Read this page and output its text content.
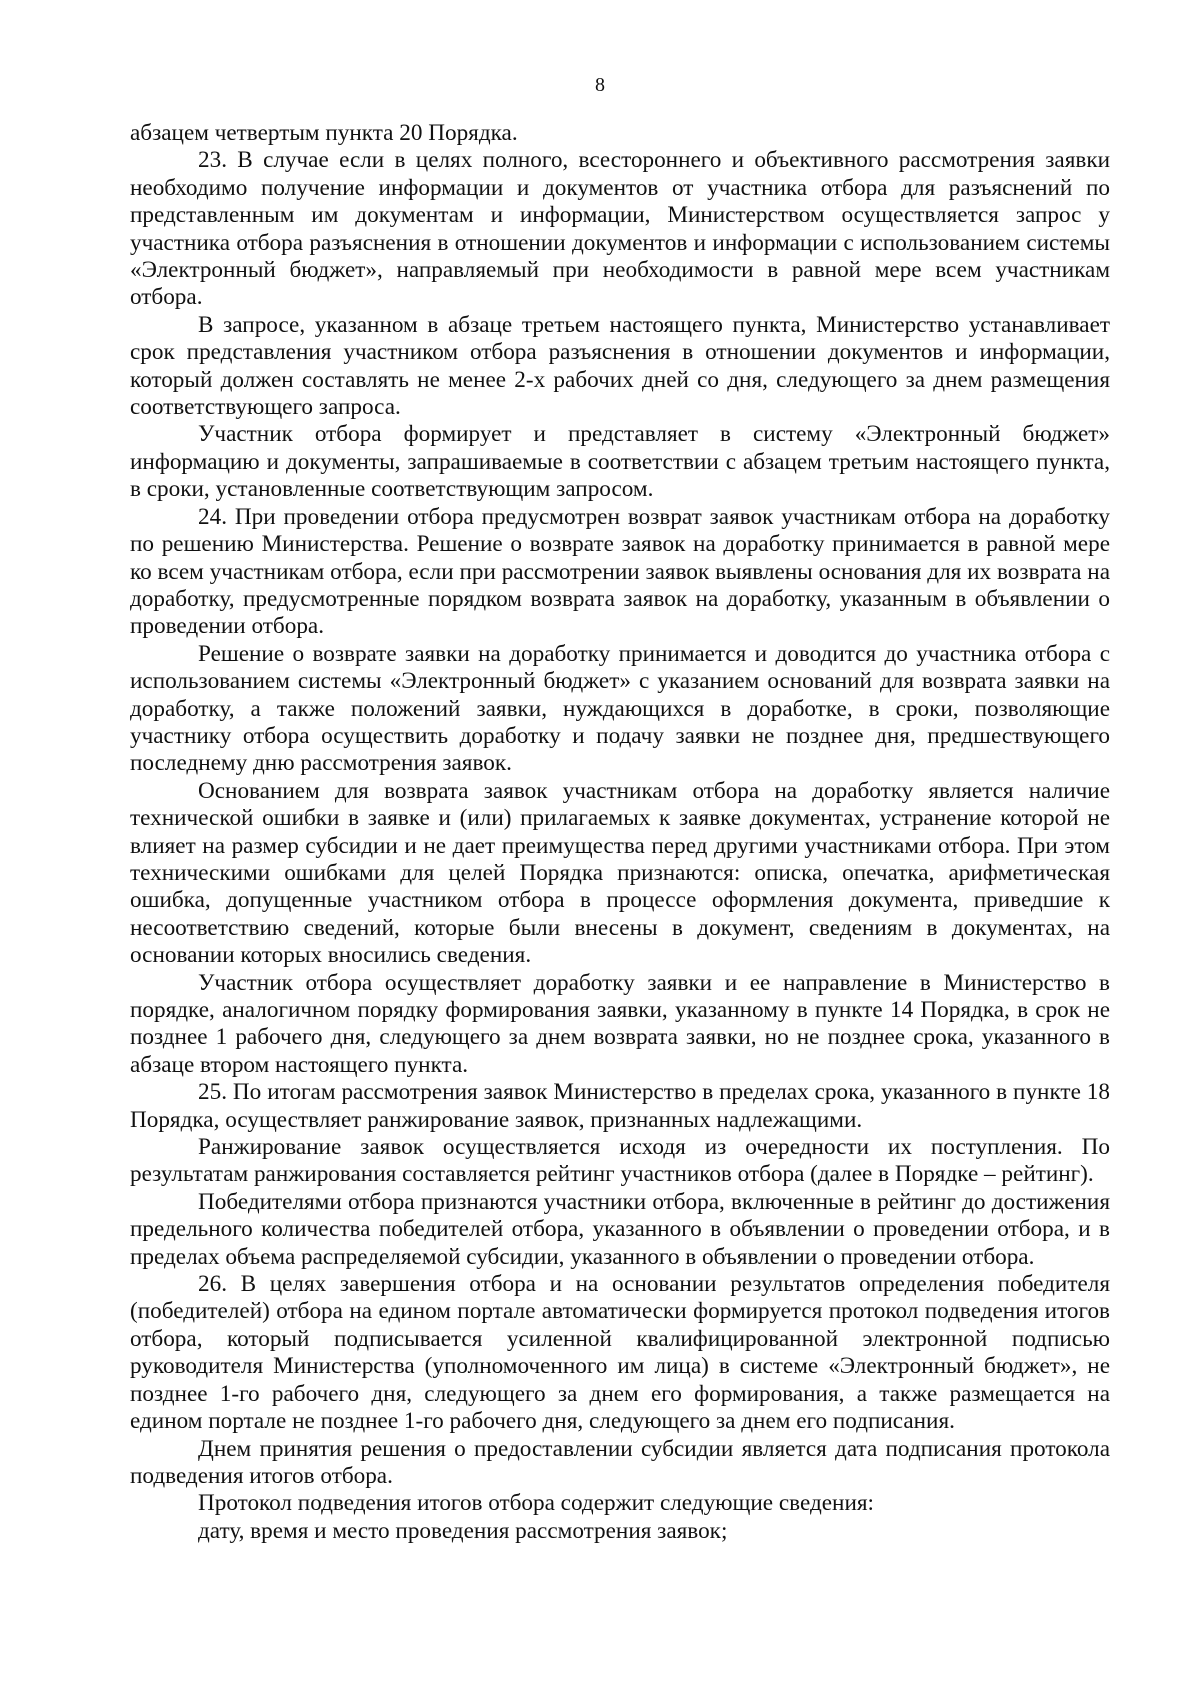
8

абзацем четвертым пункта 20 Порядка.

23. В случае если в целях полного, всестороннего и объективного рассмотрения заявки необходимо получение информации и документов от участника отбора для разъяснений по представленным им документам и информации, Министерством осуществляется запрос у участника отбора разъяснения в отношении документов и информации с использованием системы «Электронный бюджет», направляемый при необходимости в равной мере всем участникам отбора.

В запросе, указанном в абзаце третьем настоящего пункта, Министерство устанавливает срок представления участником отбора разъяснения в отношении документов и информации, который должен составлять не менее 2-х рабочих дней со дня, следующего за днем размещения соответствующего запроса.

Участник отбора формирует и представляет в систему «Электронный бюджет» информацию и документы, запрашиваемые в соответствии с абзацем третьим настоящего пункта, в сроки, установленные соответствующим запросом.

24. При проведении отбора предусмотрен возврат заявок участникам отбора на доработку по решению Министерства. Решение о возврате заявок на доработку принимается в равной мере ко всем участникам отбора, если при рассмотрении заявок выявлены основания для их возврата на доработку, предусмотренные порядком возврата заявок на доработку, указанным в объявлении о проведении отбора.

Решение о возврате заявки на доработку принимается и доводится до участника отбора с использованием системы «Электронный бюджет» с указанием оснований для возврата заявки на доработку, а также положений заявки, нуждающихся в доработке, в сроки, позволяющие участнику отбора осуществить доработку и подачу заявки не позднее дня, предшествующего последнему дню рассмотрения заявок.

Основанием для возврата заявок участникам отбора на доработку является наличие технической ошибки в заявке и (или) прилагаемых к заявке документах, устранение которой не влияет на размер субсидии и не дает преимущества перед другими участниками отбора. При этом техническими ошибками для целей Порядка признаются: описка, опечатка, арифметическая ошибка, допущенные участником отбора в процессе оформления документа, приведшие к несоответствию сведений, которые были внесены в документ, сведениям в документах, на основании которых вносились сведения.

Участник отбора осуществляет доработку заявки и ее направление в Министерство в порядке, аналогичном порядку формирования заявки, указанному в пункте 14 Порядка, в срок не позднее 1 рабочего дня, следующего за днем возврата заявки, но не позднее срока, указанного в абзаце втором настоящего пункта.

25. По итогам рассмотрения заявок Министерство в пределах срока, указанного в пункте 18 Порядка, осуществляет ранжирование заявок, признанных надлежащими.

Ранжирование заявок осуществляется исходя из очередности их поступления. По результатам ранжирования составляется рейтинг участников отбора (далее в Порядке – рейтинг).

Победителями отбора признаются участники отбора, включенные в рейтинг до достижения предельного количества победителей отбора, указанного в объявлении о проведении отбора, и в пределах объема распределяемой субсидии, указанного в объявлении о проведении отбора.

26. В целях завершения отбора и на основании результатов определения победителя (победителей) отбора на едином портале автоматически формируется протокол подведения итогов отбора, который подписывается усиленной квалифицированной электронной подписью руководителя Министерства (уполномоченного им лица) в системе «Электронный бюджет», не позднее 1-го рабочего дня, следующего за днем его формирования, а также размещается на едином портале не позднее 1-го рабочего дня, следующего за днем его подписания.

Днем принятия решения о предоставлении субсидии является дата подписания протокола подведения итогов отбора.

Протокол подведения итогов отбора содержит следующие сведения:

дату, время и место проведения рассмотрения заявок;
